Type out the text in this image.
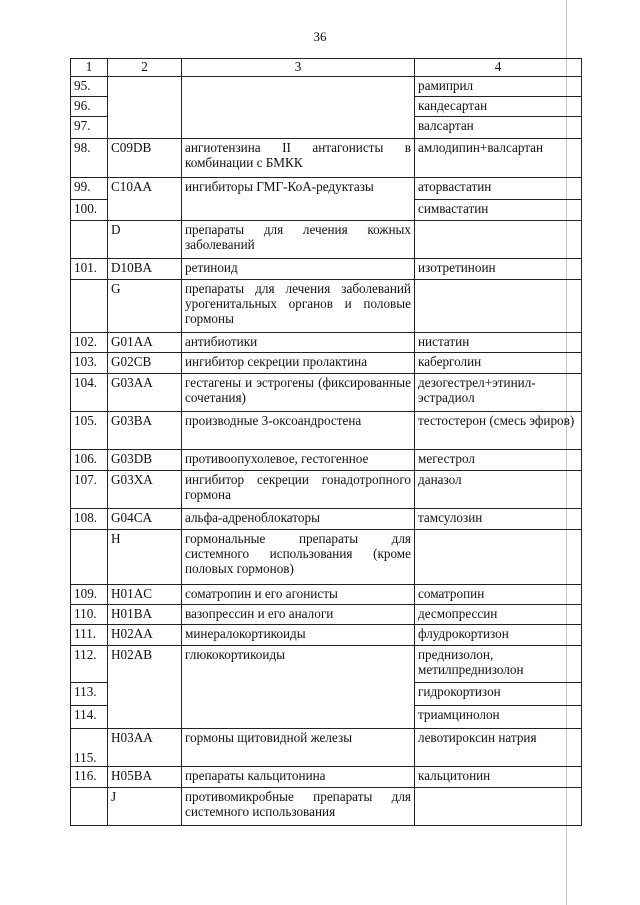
36
1	2	3	4
95.			рамиприл
96.			кандесартан
97.			валсартан
98.	C09DB	ангиотензина II антагонисты в комбинации с БМКК	амлодипин+валсартан
99.	C10AA	ингибиторы ГМГ-КоА-редуктазы	аторвастатин
100.			симвастатин
	D	препараты для лечения кожных заболеваний	
101.	D10BA	ретиноид	изотретиноин
	G	препараты для лечения заболеваний урогенитальных органов и половые гормоны	
102.	G01AA	антибиотики	нистатин
103.	G02CB	ингибитор секреции пролактина	каберголин
104.	G03AA	гестагены и эстрогены (фиксированные сочетания)	дезогестрел+этинил-эстрадиол
105.	G03BA	производные 3-оксоандростена	тестостерон (смесь эфиров)
106.	G03DB	противоопухолевое, гестогенное	мегестрол
107.	G03XA	ингибитор секреции гонадотропного гормона	даназол
108.	G04CA	альфа-адреноблокаторы	тамсулозин
	H	гормональные препараты для системного использования (кроме половых гормонов)	
109.	H01AC	соматропин и его агонисты	соматропин
110.	H01BA	вазопрессин и его аналоги	десмопрессин
111.	H02AA	минералокортикоиды	флудрокортизон
112.	H02AB	глюкокортикоиды	преднизолон, метилпреднизолон
113.			гидрокортизон
114.			триамцинолон
115.	H03AA	гормоны щитовидной железы	левотироксин натрия
116.	H05BA	препараты кальцитонина	кальцитонин
	J	противомикробные препараты для системного использования	
